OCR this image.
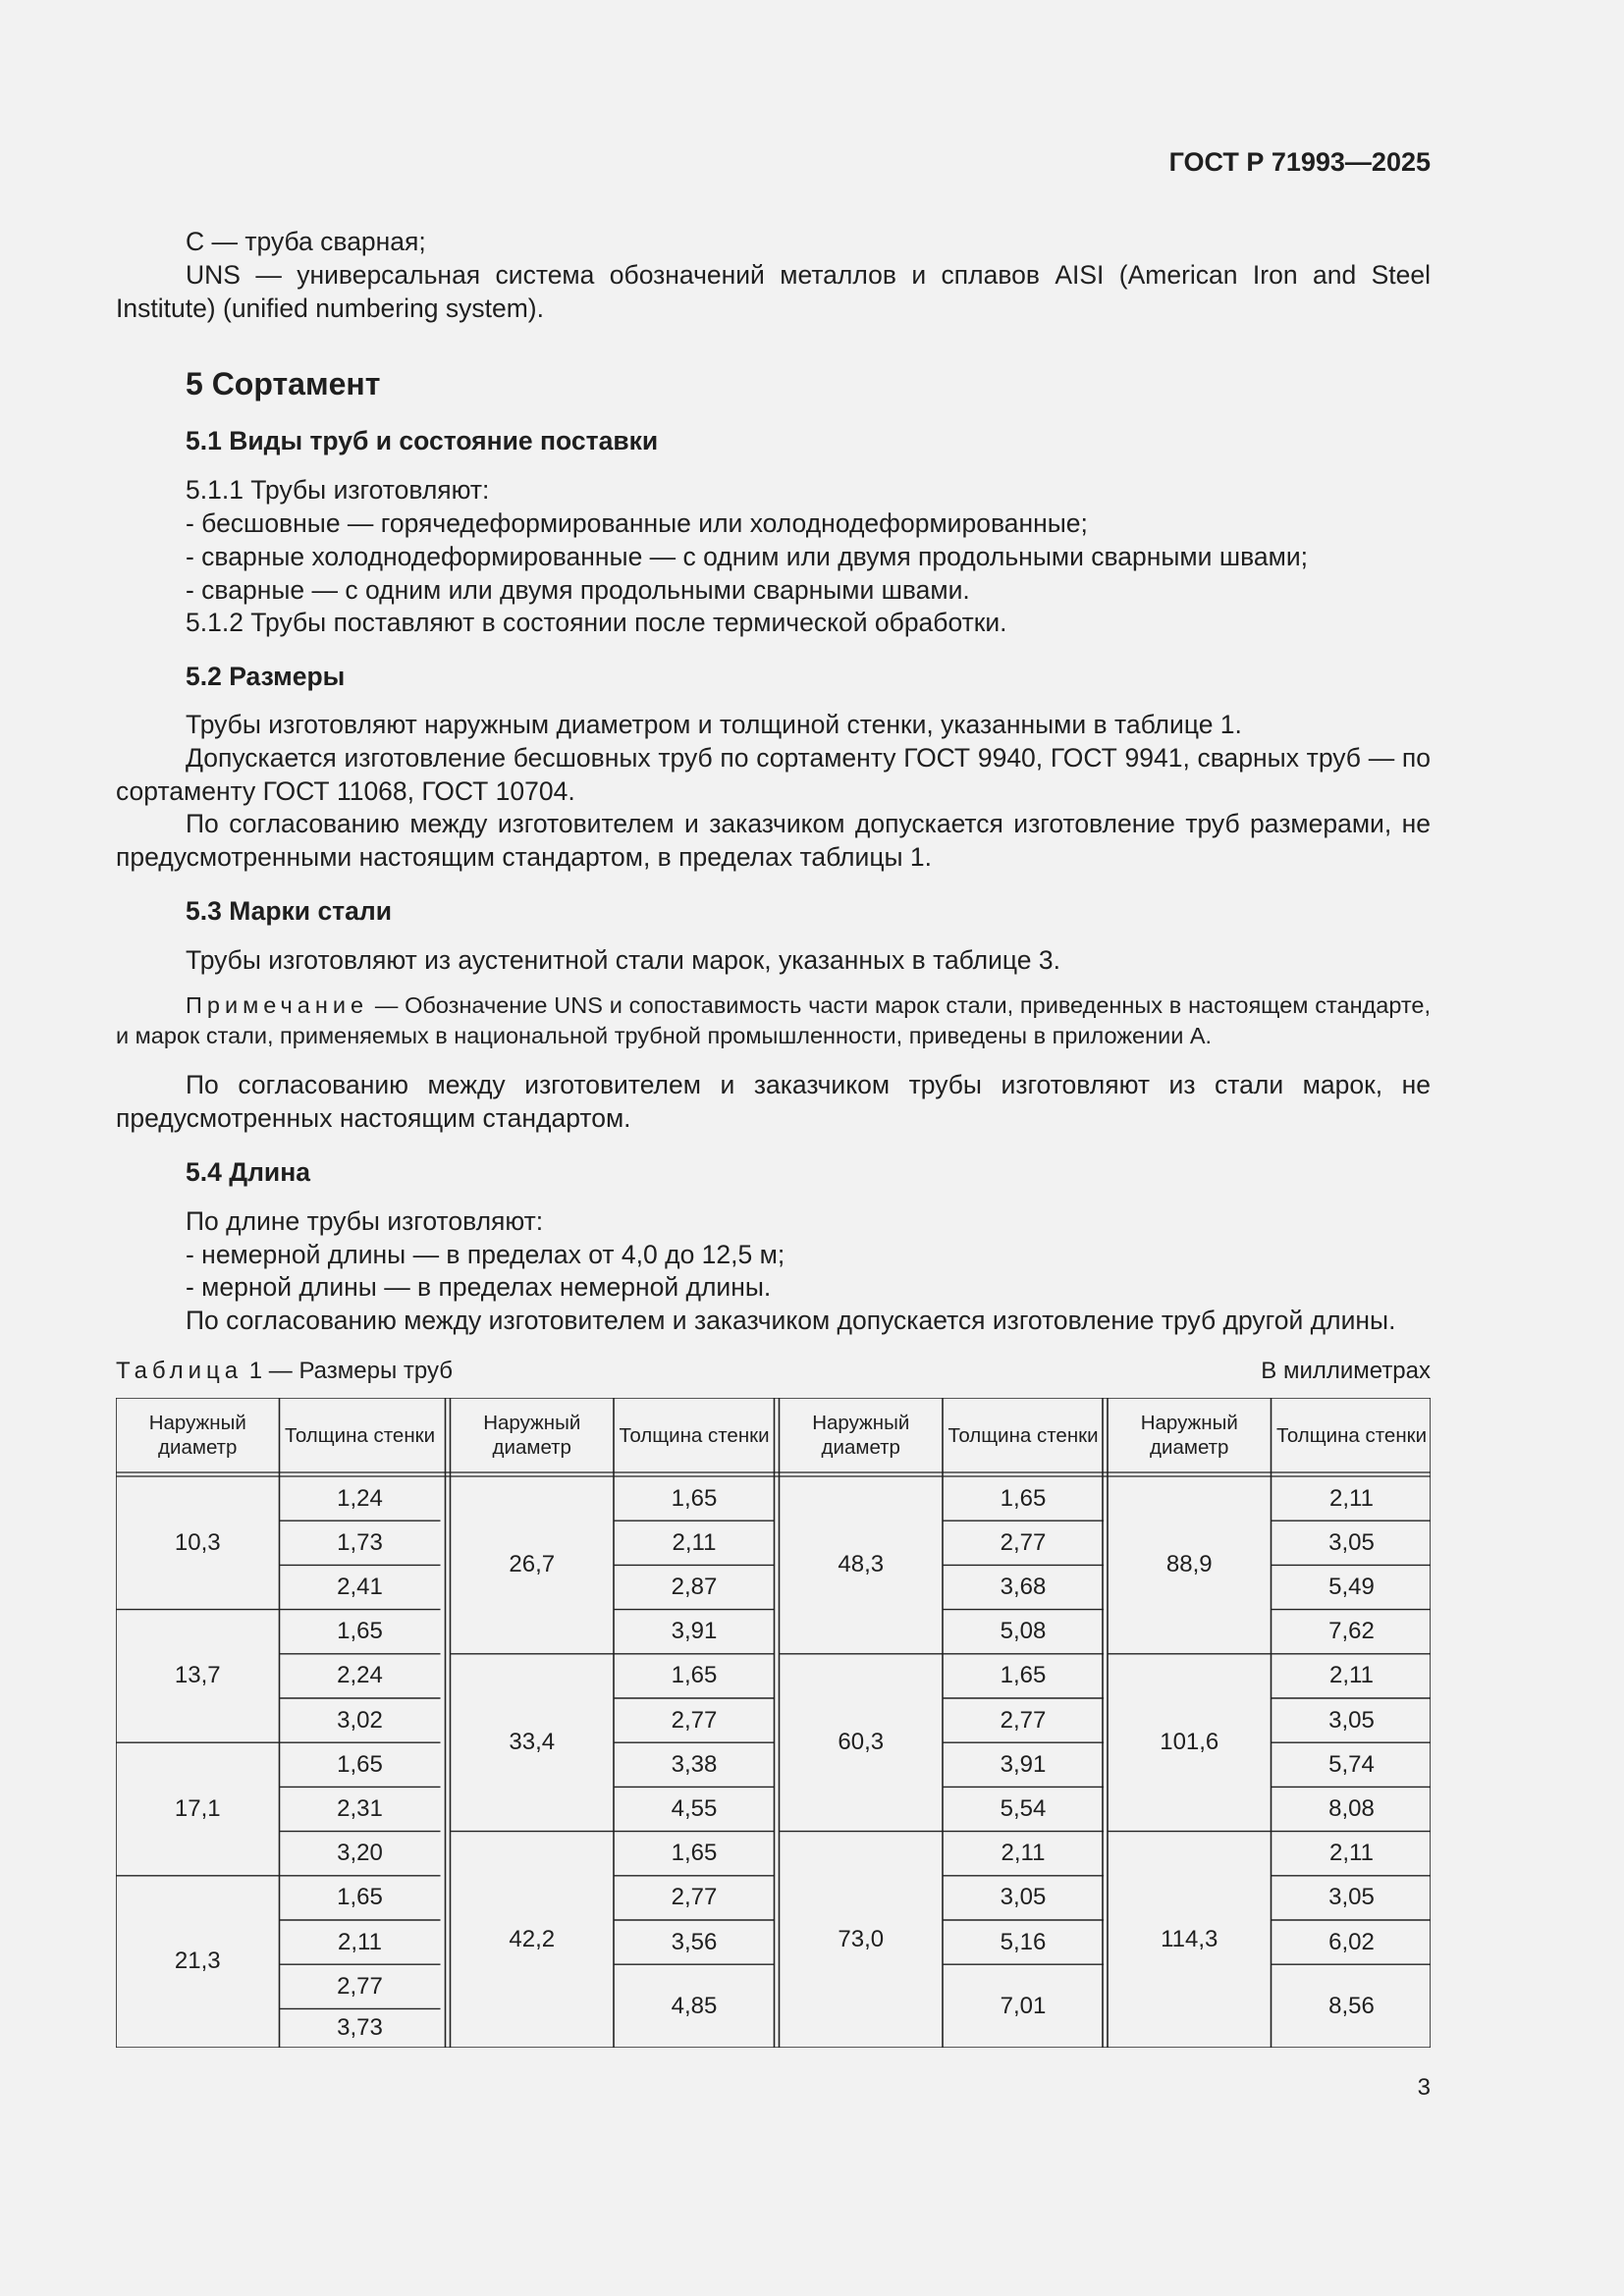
ГОСТ Р 71993—2025
С — труба сварная;
UNS — универсальная система обозначений металлов и сплавов AISI (American Iron and Steel Institute) (unified numbering system).
5 Сортамент
5.1 Виды труб и состояние поставки
5.1.1 Трубы изготовляют:
- бесшовные — горячедеформированные или холоднодеформированные;
- сварные холоднодеформированные — с одним или двумя продольными сварными швами;
- сварные — с одним или двумя продольными сварными швами.
5.1.2 Трубы поставляют в состоянии после термической обработки.
5.2 Размеры
Трубы изготовляют наружным диаметром и толщиной стенки, указанными в таблице 1.
Допускается изготовление бесшовных труб по сортаменту ГОСТ 9940, ГОСТ 9941, сварных труб — по сортаменту ГОСТ 11068, ГОСТ 10704.
По согласованию между изготовителем и заказчиком допускается изготовление труб размерами, не предусмотренными настоящим стандартом, в пределах таблицы 1.
5.3 Марки стали
Трубы изготовляют из аустенитной стали марок, указанных в таблице 3.
Примечание — Обозначение UNS и сопоставимость части марок стали, приведенных в настоящем стандарте, и марок стали, применяемых в национальной трубной промышленности, приведены в приложении А.
По согласованию между изготовителем и заказчиком трубы изготовляют из стали марок, не предусмотренных настоящим стандартом.
5.4 Длина
По длине трубы изготовляют:
- немерной длины — в пределах от 4,0 до 12,5 м;
- мерной длины — в пределах немерной длины.
По согласованию между изготовителем и заказчиком допускается изготовление труб другой длины.
Таблица 1 — Размеры труб	В миллиметрах
Наружный диаметр
Толщина стенки
1,24
1,73
2,41
10,3
1,65
2,24
3,02
13,7
1,65
2,31
3,20
17,1
1,65
2,11
2,77
3,73
21,3
Наружный диаметр
Толщина стенки
1,65
2,11
2,87
3,91
26,7
1,65
2,77
3,38
4,55
33,4
1,65
2,77
3,56
4,85
42,2
Наружный диаметр
Толщина стенки
1,65
2,77
3,68
5,08
48,3
1,65
2,77
3,91
5,54
60,3
2,11
3,05
5,16
7,01
73,0
Наружный диаметр
Толщина стенки
2,11
3,05
5,49
7,62
88,9
2,11
3,05
5,74
8,08
101,6
2,11
3,05
6,02
8,56
114,3
3
